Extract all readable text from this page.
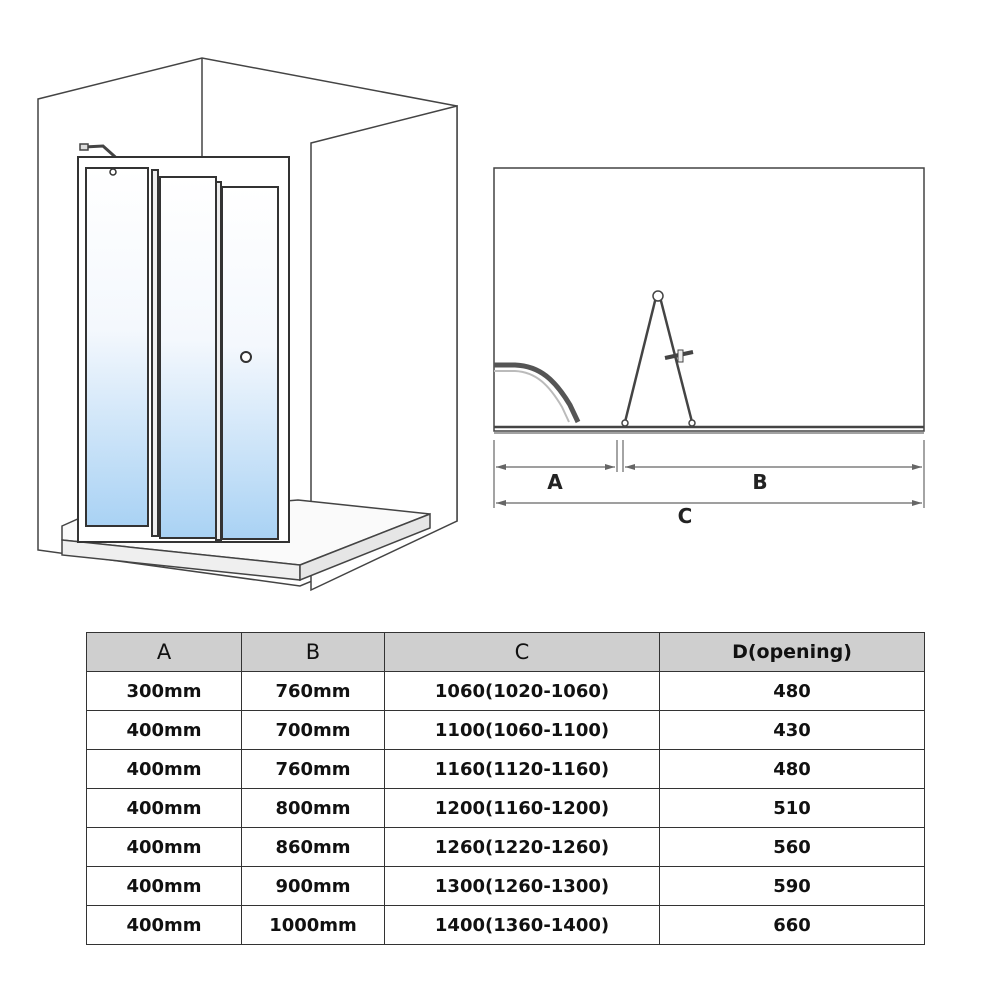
A	B
C
A	B	C	D(opening)
300mm	760mm	1060(1020-1060)	480
400mm	700mm	1100(1060-1100)	430
400mm	760mm	1160(1120-1160)	480
400mm	800mm	1200(1160-1200)	510
400mm	860mm	1260(1220-1260)	560
400mm	900mm	1300(1260-1300)	590
400mm	1000mm	1400(1360-1400)	660
